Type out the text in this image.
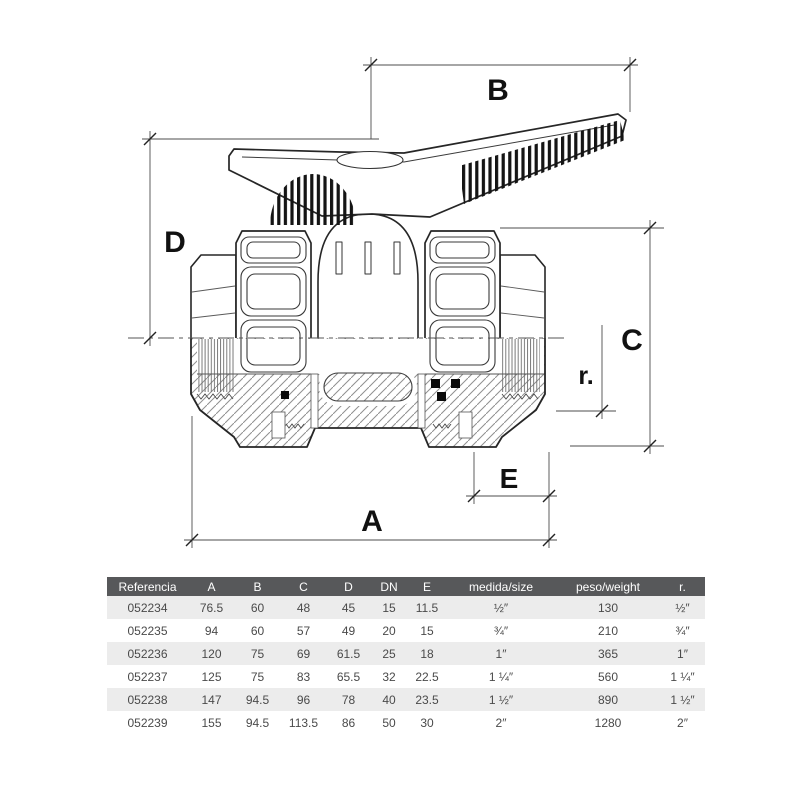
B
D
C
r.
E
A
Referencia	A	B	C	D	DN	E	medida/size	peso/weight	r.
052234	76.5	60	48	45	15	11.5	½″	130	½″
052235	94	60	57	49	20	15	¾″	210	¾″
052236	120	75	69	61.5	25	18	1″	365	1″
052237	125	75	83	65.5	32	22.5	1 ¼″	560	1 ¼″
052238	147	94.5	96	78	40	23.5	1 ½″	890	1 ½″
052239	155	94.5	113.5	86	50	30	2″	1280	2″
